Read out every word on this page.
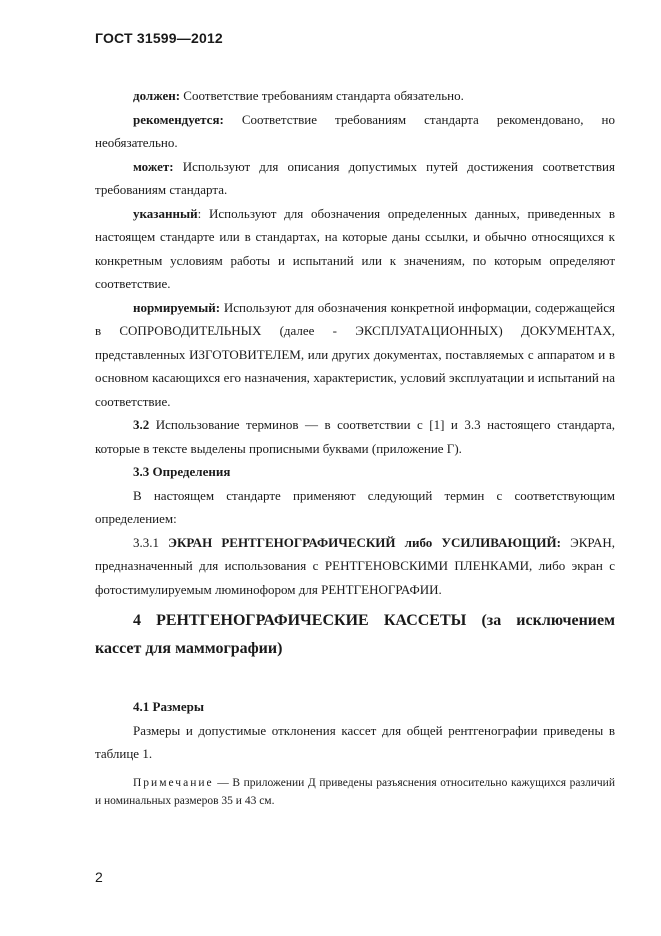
ГОСТ 31599—2012

должен: Соответствие требованиям стандарта обязательно.

рекомендуется: Соответствие требованиям стандарта рекомендовано, но необязательно.

может: Используют для описания допустимых путей достижения соответствия требованиям стандарта.

указанный: Используют для обозначения определенных данных, приведенных в настоящем стандарте или в стандартах, на которые даны ссылки, и обычно относящихся к конкретным условиям работы и испытаний или к значениям, по которым определяют соответствие.

нормируемый: Используют для обозначения конкретной информации, содержащейся в СОПРОВОДИТЕЛЬНЫХ (далее - ЭКСПЛУАТАЦИОННЫХ) ДОКУМЕНТАХ, представленных ИЗГОТОВИТЕЛЕМ, или других документах, поставляемых с аппаратом и в основном касающихся его назначения, характеристик, условий эксплуатации и испытаний на соответствие.

3.2 Использование терминов — в соответствии с [1] и 3.3 настоящего стандарта, которые в тексте выделены прописными буквами (приложение Г).

3.3 Определения

В настоящем стандарте применяют следующий термин с соответствующим определением:

3.3.1 ЭКРАН РЕНТГЕНОГРАФИЧЕСКИЙ либо УСИЛИВАЮЩИЙ: ЭКРАН, предназначенный для использования с РЕНТГЕНОВСКИМИ ПЛЕНКАМИ, либо экран с фотостимулируемым люминофором для РЕНТГЕНОГРАФИИ.

4 РЕНТГЕНОГРАФИЧЕСКИЕ КАССЕТЫ (за исключением кассет для маммографии)

4.1 Размеры

Размеры и допустимые отклонения кассет для общей рентгенографии приведены в таблице 1.

Примечание — В приложении Д приведены разъяснения относительно кажущихся различий и номинальных размеров 35 и 43 см.

2
